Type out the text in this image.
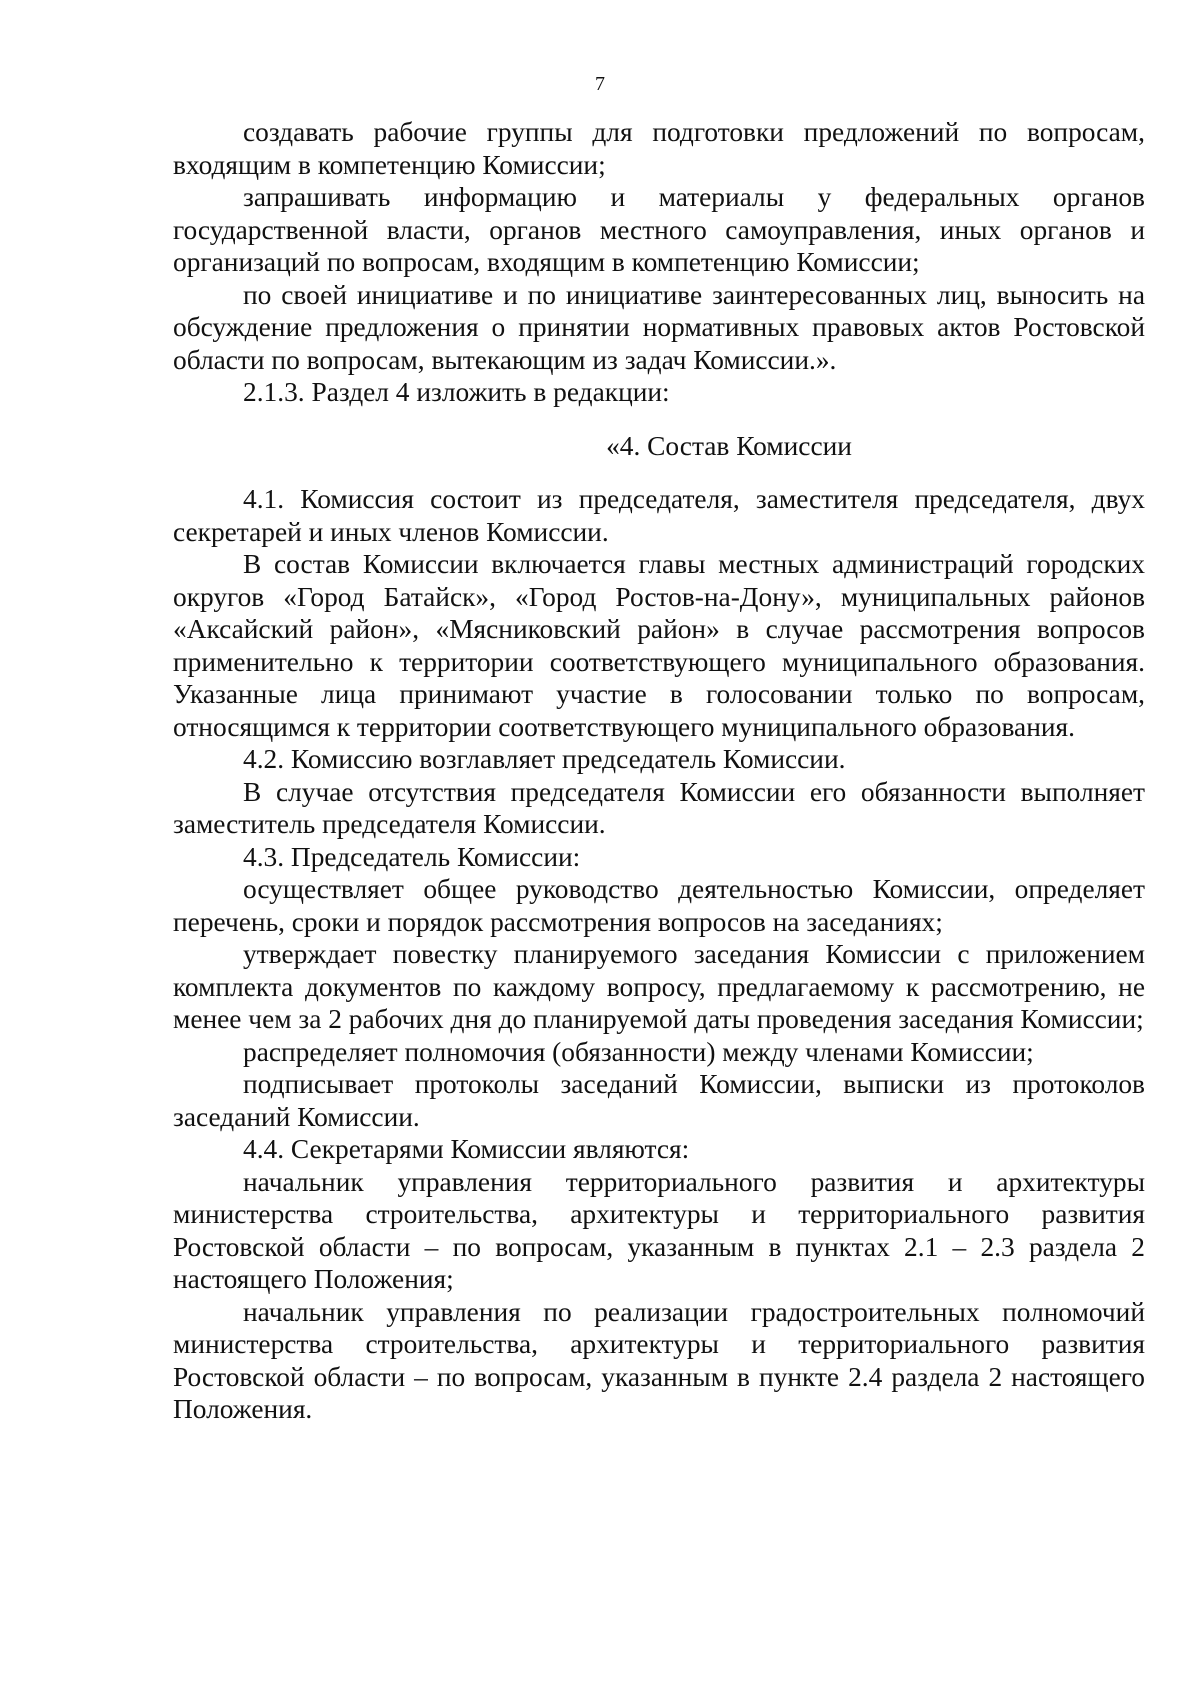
7

создавать рабочие группы для подготовки предложений по вопросам, входящим в компетенцию Комиссии;

запрашивать информацию и материалы у федеральных органов государственной власти, органов местного самоуправления, иных органов и организаций по вопросам, входящим в компетенцию Комиссии;

по своей инициативе и по инициативе заинтересованных лиц, выносить на обсуждение предложения о принятии нормативных правовых актов Ростовской области по вопросам, вытекающим из задач Комиссии.».

2.1.3. Раздел 4 изложить в редакции:

«4. Состав Комиссии

4.1. Комиссия состоит из председателя, заместителя председателя, двух секретарей и иных членов Комиссии.

В состав Комиссии включается главы местных администраций городских округов «Город Батайск», «Город Ростов-на-Дону», муниципальных районов «Аксайский район», «Мясниковский район» в случае рассмотрения вопросов применительно к территории соответствующего муниципального образования. Указанные лица принимают участие в голосовании только по вопросам, относящимся к территории соответствующего муниципального образования.

4.2. Комиссию возглавляет председатель Комиссии.

В случае отсутствия председателя Комиссии его обязанности выполняет заместитель председателя Комиссии.

4.3. Председатель Комиссии:

осуществляет общее руководство деятельностью Комиссии, определяет перечень, сроки и порядок рассмотрения вопросов на заседаниях;

утверждает повестку планируемого заседания Комиссии с приложением комплекта документов по каждому вопросу, предлагаемому к рассмотрению, не менее чем за 2 рабочих дня до планируемой даты проведения заседания Комиссии;

распределяет полномочия (обязанности) между членами Комиссии;

подписывает протоколы заседаний Комиссии, выписки из протоколов заседаний Комиссии.

4.4. Секретарями Комиссии являются:

начальник управления территориального развития и архитектуры министерства строительства, архитектуры и территориального развития Ростовской области – по вопросам, указанным в пунктах 2.1 – 2.3 раздела 2 настоящего Положения;

начальник управления по реализации градостроительных полномочий министерства строительства, архитектуры и территориального развития Ростовской области – по вопросам, указанным в пункте 2.4 раздела 2 настоящего Положения.
